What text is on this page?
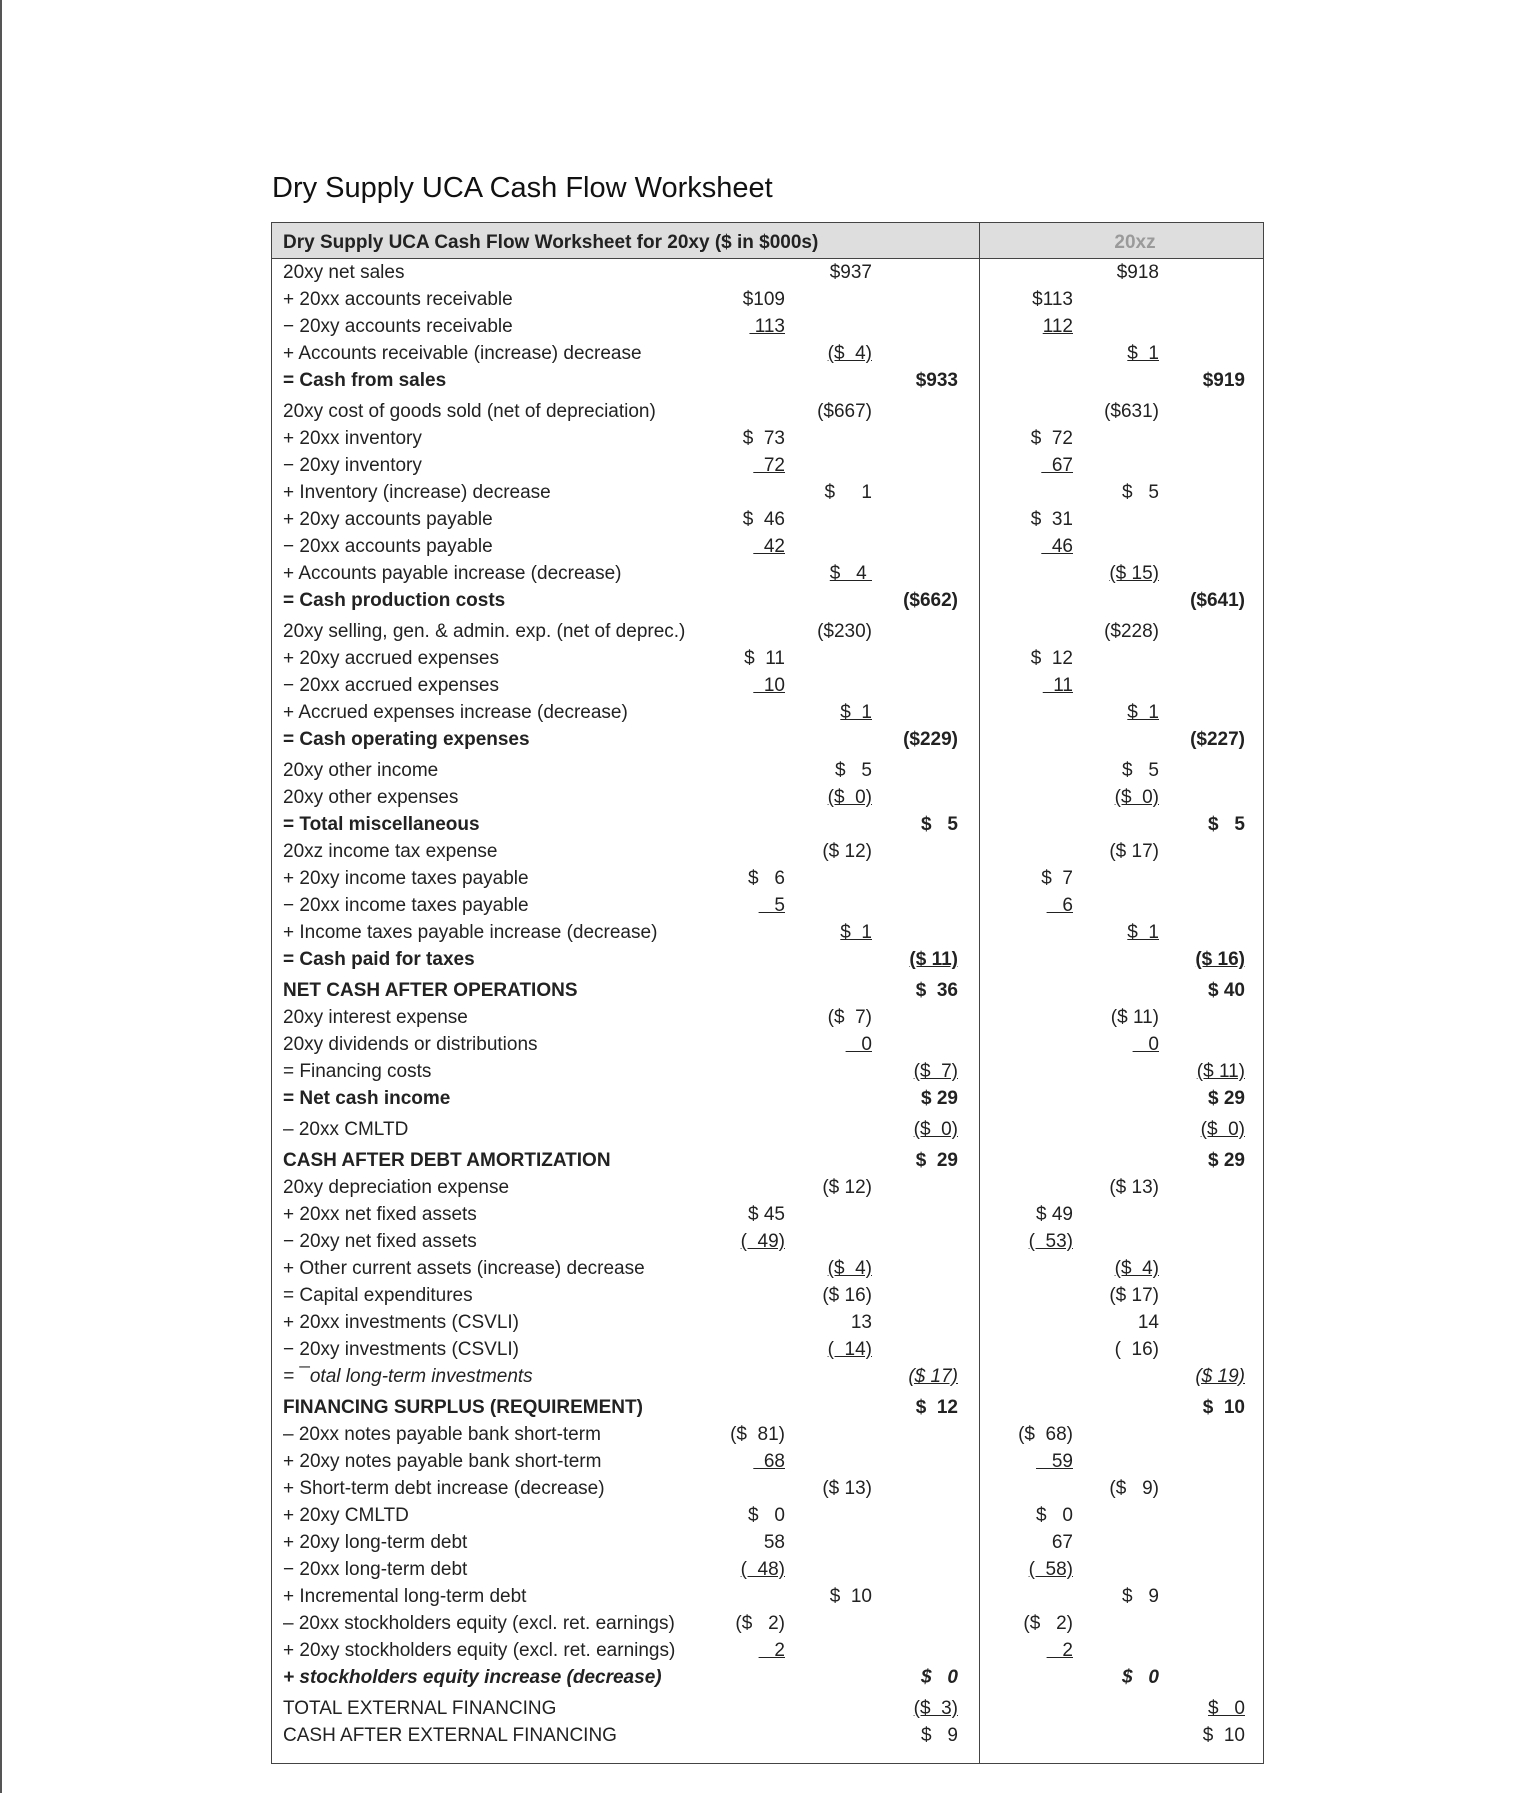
Dry Supply UCA Cash Flow Worksheet
Dry Supply UCA Cash Flow Worksheet for 20xy ($ in $000s)	20xz
20xy net sales	$937	$918
+ 20xx accounts receivable	$109	$113
− 20xy accounts receivable	113	112
+ Accounts receivable (increase) decrease	($  4)	$  1
= Cash from sales	$933	$919
20xy cost of goods sold (net of depreciation)	($667)	($631)
+ 20xx inventory	$  73	$  72
− 20xy inventory	72	67
+ Inventory (increase) decrease	$     1	$   5
+ 20xy accounts payable	$  46	$  31
− 20xx accounts payable	42	46
+ Accounts payable increase (decrease)	$   4	($ 15)
= Cash production costs	($662)	($641)
20xy selling, gen. & admin. exp. (net of deprec.)	($230)	($228)
+ 20xy accrued expenses	$  11	$  12
− 20xx accrued expenses	10	11
+ Accrued expenses increase (decrease)	$  1	$  1
= Cash operating expenses	($229)	($227)
20xy other income	$   5	$   5
20xy other expenses	($  0)	($  0)
= Total miscellaneous	$   5	$   5
20xz income tax expense	($ 12)	($ 17)
+ 20xy income taxes payable	$   6	$  7
− 20xx income taxes payable	5	6
+ Income taxes payable increase (decrease)	$  1	$  1
= Cash paid for taxes	($ 11)	($ 16)
NET CASH AFTER OPERATIONS	$  36	$ 40
20xy interest expense	($  7)	($ 11)
20xy dividends or distributions	0	0
= Financing costs	($  7)	($ 11)
= Net cash income	$ 29	$ 29
– 20xx CMLTD	($  0)	($  0)
CASH AFTER DEBT AMORTIZATION	$  29	$ 29
20xy depreciation expense	($ 12)	($ 13)
+ 20xx net fixed assets	$ 45	$ 49
− 20xy net fixed assets	(  49)	(  53)
+ Other current assets (increase) decrease	($  4)	($  4)
= Capital expenditures	($ 16)	($ 17)
+ 20xx investments (CSVLI)	13	14
− 20xy investments (CSVLI)	(  14)	(  16)
= ¯otal long-term investments	($ 17)	($ 19)
FINANCING SURPLUS (REQUIREMENT)	$  12	$  10
– 20xx notes payable bank short-term	($  81)	($  68)
+ 20xy notes payable bank short-term	68	59
+ Short-term debt increase (decrease)	($ 13)	($   9)
+ 20xy CMLTD	$   0	$   0
+ 20xy long-term debt	58	67
− 20xx long-term debt	(  48)	(  58)
+ Incremental long-term debt	$  10	$   9
– 20xx stockholders equity (excl. ret. earnings)	($   2)	($   2)
+ 20xy stockholders equity (excl. ret. earnings)	2	2
+ stockholders equity increase (decrease)	$   0	$   0
TOTAL EXTERNAL FINANCING	($  3)	$   0
CASH AFTER EXTERNAL FINANCING	$   9	$  10
